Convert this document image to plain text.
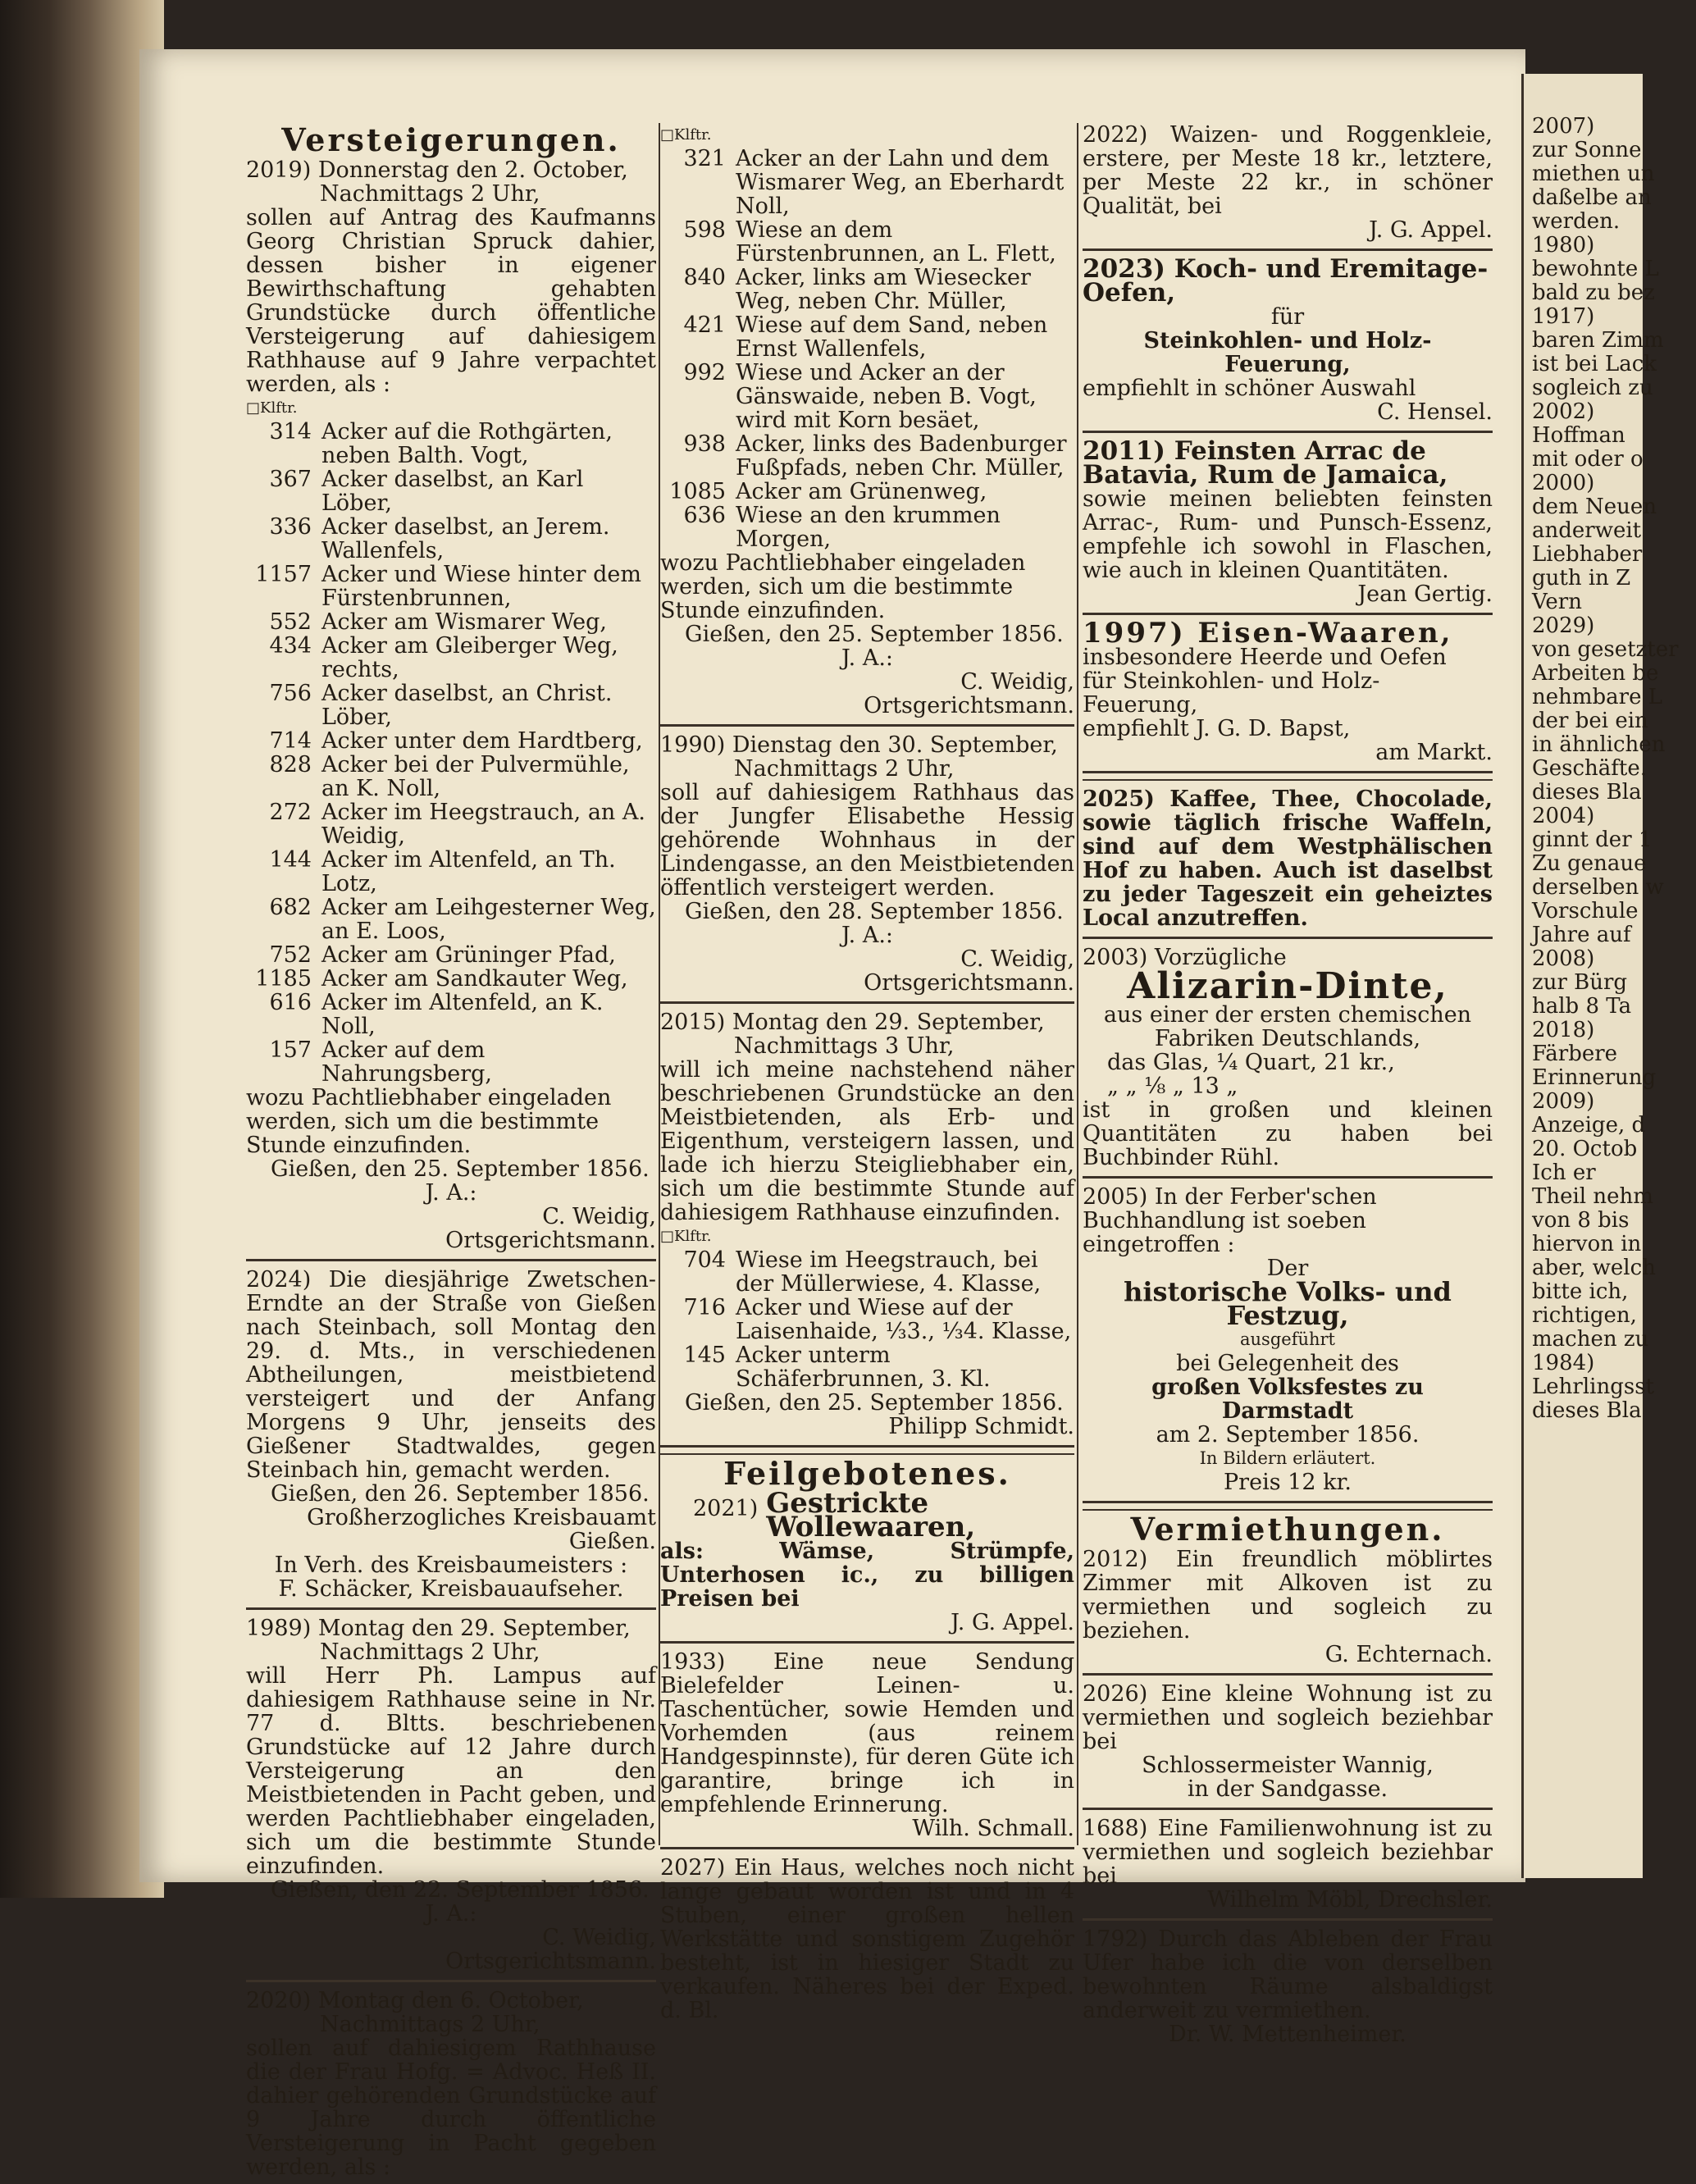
Versteigerungen.
2019) Donnerstag den 2. October,
Nachmittags 2 Uhr,
sollen auf Antrag des Kaufmanns Georg Christian Spruck dahier, dessen bisher in eigener Bewirthschaftung gehabten Grundstücke durch öffentliche Versteigerung auf dahiesigem Rathhause auf 9 Jahre verpachtet werden, als :
□Klftr.
314 Acker auf die Rothgärten, neben Balth. Vogt,
367 Acker daselbst, an Karl Löber,
336 Acker daselbst, an Jerem. Wallenfels,
1157 Acker und Wiese hinter dem Fürstenbrunnen,
552 Acker am Wismarer Weg,
434 Acker am Gleiberger Weg, rechts,
756 Acker daselbst, an Christ. Löber,
714 Acker unter dem Hardtberg,
828 Acker bei der Pulvermühle, an K. Noll,
272 Acker im Heegstrauch, an A. Weidig,
144 Acker im Altenfeld, an Th. Lotz,
682 Acker am Leihgesterner Weg, an E. Loos,
752 Acker am Grüninger Pfad,
1185 Acker am Sandkauter Weg,
616 Acker im Altenfeld, an K. Noll,
157 Acker auf dem Nahrungsberg,
wozu Pachtliebhaber eingeladen werden, sich um die bestimmte Stunde einzufinden.
Gießen, den 25. September 1856.
J. A.:
C. Weidig,
Ortsgerichtsmann.
2024) Die diesjährige Zwetschen-Erndte an der Straße von Gießen nach Steinbach, soll Montag den 29. d. Mts., in verschiedenen Abtheilungen, meistbietend versteigert und der Anfang Morgens 9 Uhr, jenseits des Gießener Stadtwaldes, gegen Steinbach hin, gemacht werden.
Gießen, den 26. September 1856.
Großherzogliches Kreisbauamt Gießen.
In Verh. des Kreisbaumeisters :
F. Schäcker, Kreisbauaufseher.
1989) Montag den 29. September,
Nachmittags 2 Uhr,
will Herr Ph. Lampus auf dahiesigem Rathhause seine in Nr. 77 d. Bltts. beschriebenen Grundstücke auf 12 Jahre durch Versteigerung an den Meistbietenden in Pacht geben, und werden Pachtliebhaber eingeladen, sich um die bestimmte Stunde einzufinden.
Gießen, den 22. September 1856.
J. A.:
C. Weidig,
Ortsgerichtsmann.
2020) Montag den 6. October,
Nachmittags 2 Uhr,
sollen auf dahiesigem Rathhause die der Frau Hofg. = Advoc. Heß II. dahier gehörenden Grundstücke auf 9 Jahre durch öffentliche Versteigerung in Pacht gegeben werden, als :
□Klftr.
321 Acker an der Lahn und dem Wismarer Weg, an Eberhardt Noll,
598 Wiese an dem Fürstenbrunnen, an L. Flett,
840 Acker, links am Wiesecker Weg, neben Chr. Müller,
421 Wiese auf dem Sand, neben Ernst Wallenfels,
992 Wiese und Acker an der Gänswaide, neben B. Vogt, wird mit Korn besäet,
938 Acker, links des Badenburger Fußpfads, neben Chr. Müller,
1085 Acker am Grünenweg,
636 Wiese an den krummen Morgen,
wozu Pachtliebhaber eingeladen werden, sich um die bestimmte Stunde einzufinden.
Gießen, den 25. September 1856.
J. A.:
C. Weidig,
Ortsgerichtsmann.
1990) Dienstag den 30. September,
Nachmittags 2 Uhr,
soll auf dahiesigem Rathhaus das der Jungfer Elisabethe Hessig gehörende Wohnhaus in der Lindengasse, an den Meistbietenden öffentlich versteigert werden.
Gießen, den 28. September 1856.
J. A.:
C. Weidig,
Ortsgerichtsmann.
2015) Montag den 29. September,
Nachmittags 3 Uhr,
will ich meine nachstehend näher beschriebenen Grundstücke an den Meistbietenden, als Erb- und Eigenthum, versteigern lassen, und lade ich hierzu Steigliebhaber ein, sich um die bestimmte Stunde auf dahiesigem Rathhause einzufinden.
□Klftr.
704 Wiese im Heegstrauch, bei der Müllerwiese, 4. Klasse,
716 Acker und Wiese auf der Laisenhaide, ⅓3., ⅓4. Klasse,
145 Acker unterm Schäferbrunnen, 3. Kl.
Gießen, den 25. September 1856.
Philipp Schmidt.
Feilgebotenes.
2021) Gestrickte Wollewaaren,
als: Wämse, Strümpfe, Unterhosen ic., zu billigen Preisen bei
J. G. Appel.
1933) Eine neue Sendung Bielefelder Leinen- u. Taschentücher, sowie Hemden und Vorhemden (aus reinem Handgespinnste), für deren Güte ich garantire, bringe ich in empfehlende Erinnerung.
Wilh. Schmall.
2027) Ein Haus, welches noch nicht lange gebaut worden ist und in 4 Stuben, einer großen hellen Werkstätte und sonstigem Zugehör besteht, ist in hiesiger Stadt zu verkaufen. Näheres bei der Exped. d. Bl.
2022) Waizen- und Roggenkleie, erstere, per Meste 18 kr., letztere, per Meste 22 kr., in schöner Qualität, bei
J. G. Appel.
2023) Koch- und Eremitage-Oefen,
für
Steinkohlen- und Holz-Feuerung,
empfiehlt in schöner Auswahl
C. Hensel.
2011) Feinsten Arrac de Batavia, Rum de Jamaica,
sowie meinen beliebten feinsten Arrac-, Rum- und Punsch-Essenz, empfehle ich sowohl in Flaschen, wie auch in kleinen Quantitäten.
Jean Gertig.
1997) Eisen-Waaren,
insbesondere Heerde und Oefen
für Steinkohlen- und Holz-Feuerung,
empfiehlt J. G. D. Bapst,
am Markt.
2025) Kaffee, Thee, Chocolade, sowie täglich frische Waffeln, sind auf dem Westphälischen Hof zu haben. Auch ist daselbst zu jeder Tageszeit ein geheiztes Local anzutreffen.
2003) Vorzügliche
Alizarin-Dinte,
aus einer der ersten chemischen Fabriken Deutschlands,
das Glas, ¼ Quart, 21 kr.,
„ „ ⅛ „ 13 „
ist in großen und kleinen Quantitäten zu haben bei Buchbinder Rühl.
2005) In der Ferber'schen Buchhandlung ist soeben eingetroffen :
Der
historische Volks- und Festzug,
ausgeführt
bei Gelegenheit des
großen Volksfestes zu Darmstadt
am 2. September 1856.
In Bildern erläutert.
Preis 12 kr.
Vermiethungen.
2012) Ein freundlich möblirtes Zimmer mit Alkoven ist zu vermiethen und sogleich zu beziehen.
G. Echternach.
2026) Eine kleine Wohnung ist zu vermiethen und sogleich beziehbar bei
Schlossermeister Wannig,
in der Sandgasse.
1688) Eine Familienwohnung ist zu vermiethen und sogleich beziehbar bei
Wilhelm Möbl, Drechsler.
1792) Durch das Ableben der Frau Ufer habe ich die von derselben bewohnten Räume alsbaldigst anderweit zu vermiethen.
Dr. W. Mettenheimer.
2007)
zur Sonne
miethen un
daßelbe an
werden.
1980)
bewohnte L
bald zu bez
1917)
baren Zimm
ist bei Lack
sogleich zu
2002)
Hoffman
mit oder o
2000)
dem Neuen
anderweit
Liebhaber
guth in Z
Vern
2029)
von gesetzter
Arbeiten be
nehmbare L
der bei ein
in ähnlichen
Geschäfte.
dieses Bla
2004)
ginnt der 1
Zu genaue
derselben w
Vorschule
Jahre auf
2008)
zur Bürg
halb 8 Ta
2018)
Färbere
Erinnerung
2009)
Anzeige, d
20. Octob
Ich er
Theil nehm
von 8 bis
hiervon in
aber, welch
bitte ich,
richtigen,
machen zu
1984)
Lehrlingsst
dieses Bla
